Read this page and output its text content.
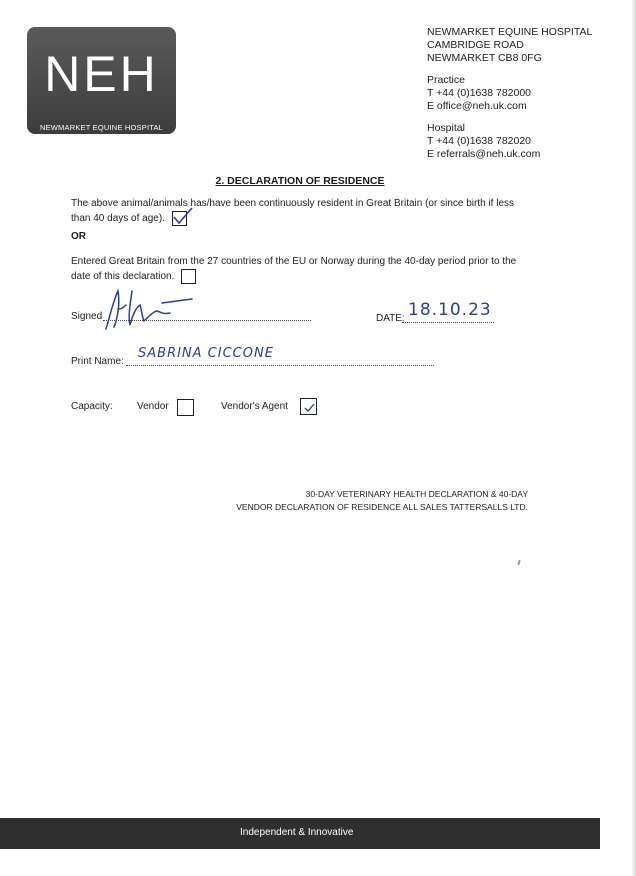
NEH
NEWMARKET EQUINE HOSPITAL
NEWMARKET EQUINE HOSPITAL
CAMBRIDGE ROAD
NEWMARKET CB8 0FG
Practice
T +44 (0)1638 782000
E office@neh.uk.com
Hospital
T +44 (0)1638 782020
E referrals@neh.uk.com
2. DECLARATION OF RESIDENCE
The above animal/animals has/have been continuously resident in Great Britain (or since birth if less than 40 days of age).
OR
Entered Great Britain from the 27 countries of the EU or Norway during the 40-day period prior to the date of this declaration.
Signed	DATE: 18.10.23
Print Name:
SABRINA CICCONE
Capacity: Vendor	Vendor's Agent
30-DAY VETERINARY HEALTH DECLARATION & 40-DAY
VENDOR DECLARATION OF RESIDENCE ALL SALES TATTERSALLS LTD.
Independent & Innovative
